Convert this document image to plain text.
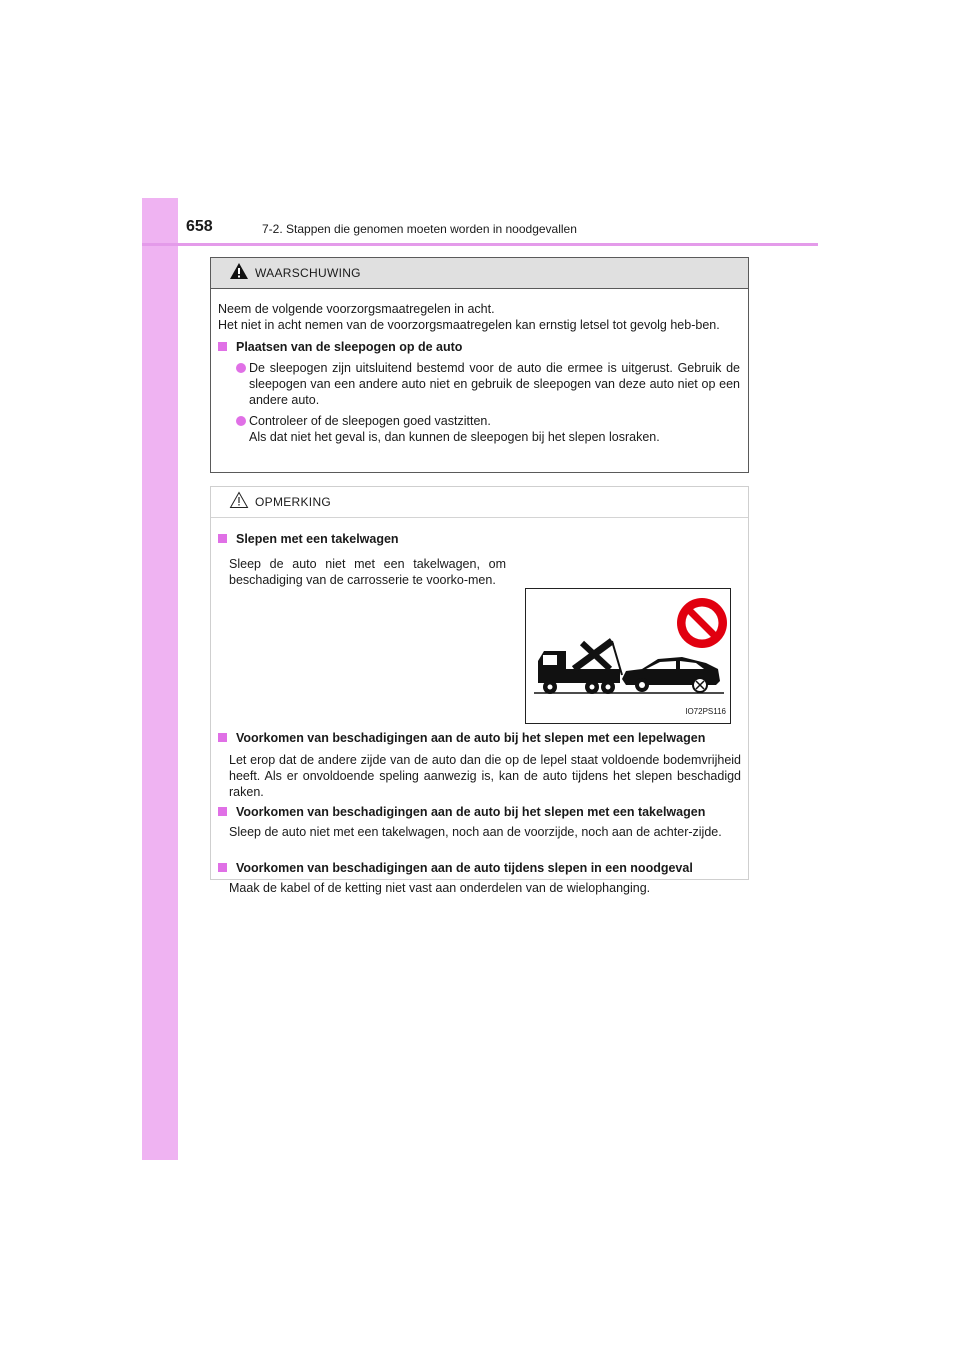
658	7-2. Stappen die genomen moeten worden in noodgevallen
WAARSCHUWING

Neem de volgende voorzorgsmaatregelen in acht.

Het niet in acht nemen van de voorzorgsmaatregelen kan ernstig letsel tot gevolg heb-ben.

Plaatsen van de sleepogen op de auto
De sleepogen zijn uitsluitend bestemd voor de auto die ermee is uitgerust. Gebruik de sleepogen van een andere auto niet en gebruik de sleepogen van deze auto niet op een andere auto.
Controleer of de sleepogen goed vastzitten.
Als dat niet het geval is, dan kunnen de sleepogen bij het slepen losraken.
OPMERKING
Slepen met een takelwagen
Sleep de auto niet met een takelwagen, om beschadiging van de carrosserie te voorko-men.
IO72PS116
Voorkomen van beschadigingen aan de auto bij het slepen met een lepelwagen
Let erop dat de andere zijde van de auto dan die op de lepel staat voldoende bodemvrijheid heeft. Als er onvoldoende speling aanwezig is, kan de auto tijdens het slepen beschadigd raken.
Voorkomen van beschadigingen aan de auto bij het slepen met een takelwagen
Sleep de auto niet met een takelwagen, noch aan de voorzijde, noch aan de achter-zijde.
Voorkomen van beschadigingen aan de auto tijdens slepen in een noodgeval
Maak de kabel of de ketting niet vast aan onderdelen van de wielophanging.
